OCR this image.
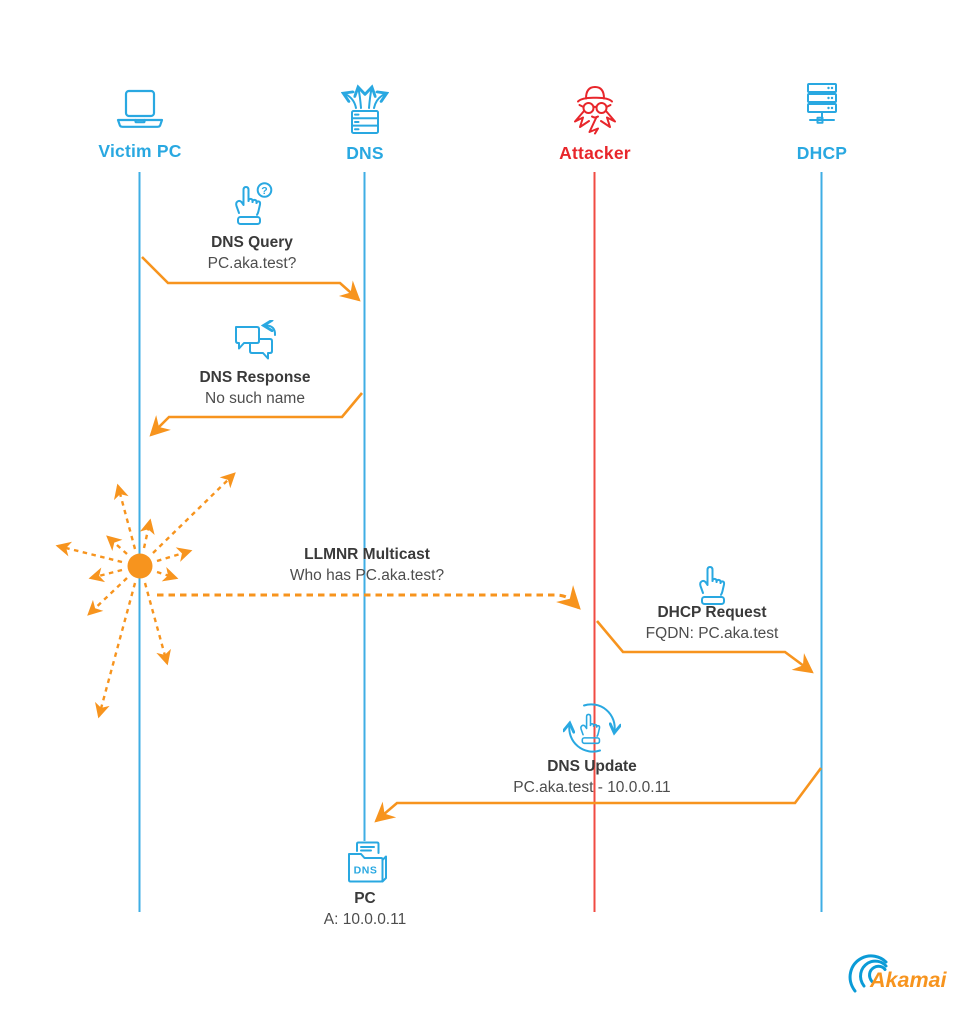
Victim PC	DNS	Attacker	DHCP
?
DNS
DNS Query
PC.aka.test?
DNS Response
No such name
LLMNR Multicast
Who has PC.aka.test?
DHCP Request
FQDN: PC.aka.test
DNS Update
PC.aka.test - 10.0.0.11
PC
A: 10.0.0.11
Akamai
